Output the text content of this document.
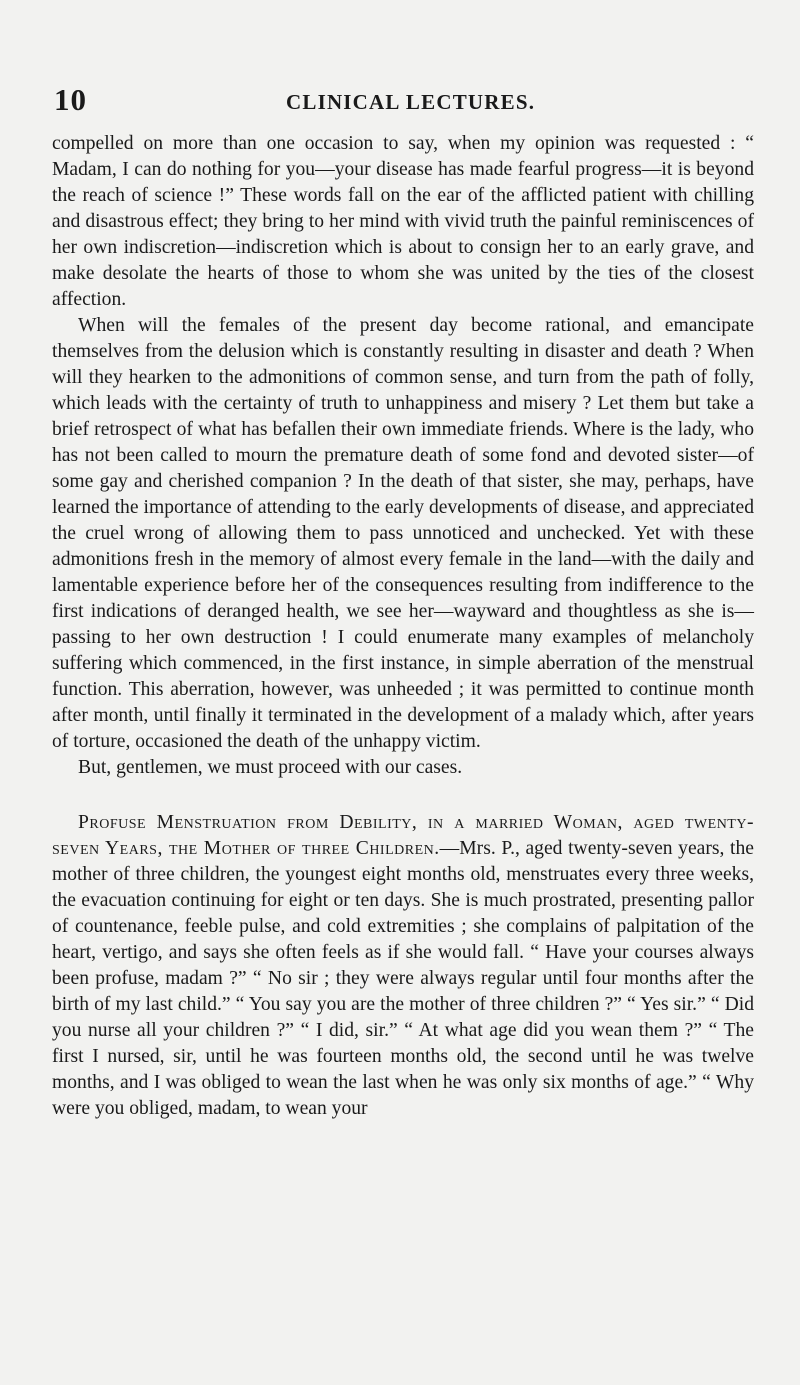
10	CLINICAL LECTURES.

compelled on more than one occasion to say, when my opinion was requested : “ Madam, I can do nothing for you—your disease has made fearful progress—it is beyond the reach of science !” These words fall on the ear of the afflicted patient with chilling and disastrous effect; they bring to her mind with vivid truth the painful reminiscences of her own indiscretion—indiscretion which is about to consign her to an early grave, and make desolate the hearts of those to whom she was united by the ties of the closest affection.

When will the females of the present day become rational, and emancipate themselves from the delusion which is constantly resulting in disaster and death ? When will they hearken to the admonitions of common sense, and turn from the path of folly, which leads with the certainty of truth to unhappiness and misery ? Let them but take a brief retrospect of what has befallen their own immediate friends. Where is the lady, who has not been called to mourn the premature death of some fond and devoted sister—of some gay and cherished companion ? In the death of that sister, she may, perhaps, have learned the importance of attending to the early developments of disease, and appreciated the cruel wrong of allowing them to pass unnoticed and unchecked. Yet with these admonitions fresh in the memory of almost every female in the land—with the daily and lamentable experience before her of the consequences resulting from indifference to the first indications of deranged health, we see her—wayward and thoughtless as she is—passing to her own destruction ! I could enumerate many examples of melancholy suffering which commenced, in the first instance, in simple aberration of the menstrual function. This aberration, however, was unheeded ; it was permitted to continue month after month, until finally it terminated in the development of a malady which, after years of torture, occasioned the death of the unhappy victim.

But, gentlemen, we must proceed with our cases.

Profuse Menstruation from Debility, in a married Woman, aged twenty-seven Years, the Mother of three Children.—Mrs. P., aged twenty-seven years, the mother of three children, the youngest eight months old, menstruates every three weeks, the evacuation continuing for eight or ten days. She is much prostrated, presenting pallor of countenance, feeble pulse, and cold extremities ; she complains of palpitation of the heart, vertigo, and says she often feels as if she would fall. “ Have your courses always been profuse, madam ?” “ No sir ; they were always regular until four months after the birth of my last child.” “ You say you are the mother of three children ?” “ Yes sir.” “ Did you nurse all your children ?” “ I did, sir.” “ At what age did you wean them ?” “ The first I nursed, sir, until he was fourteen months old, the second until he was twelve months, and I was obliged to wean the last when he was only six months of age.” “ Why were you obliged, madam, to wean your
